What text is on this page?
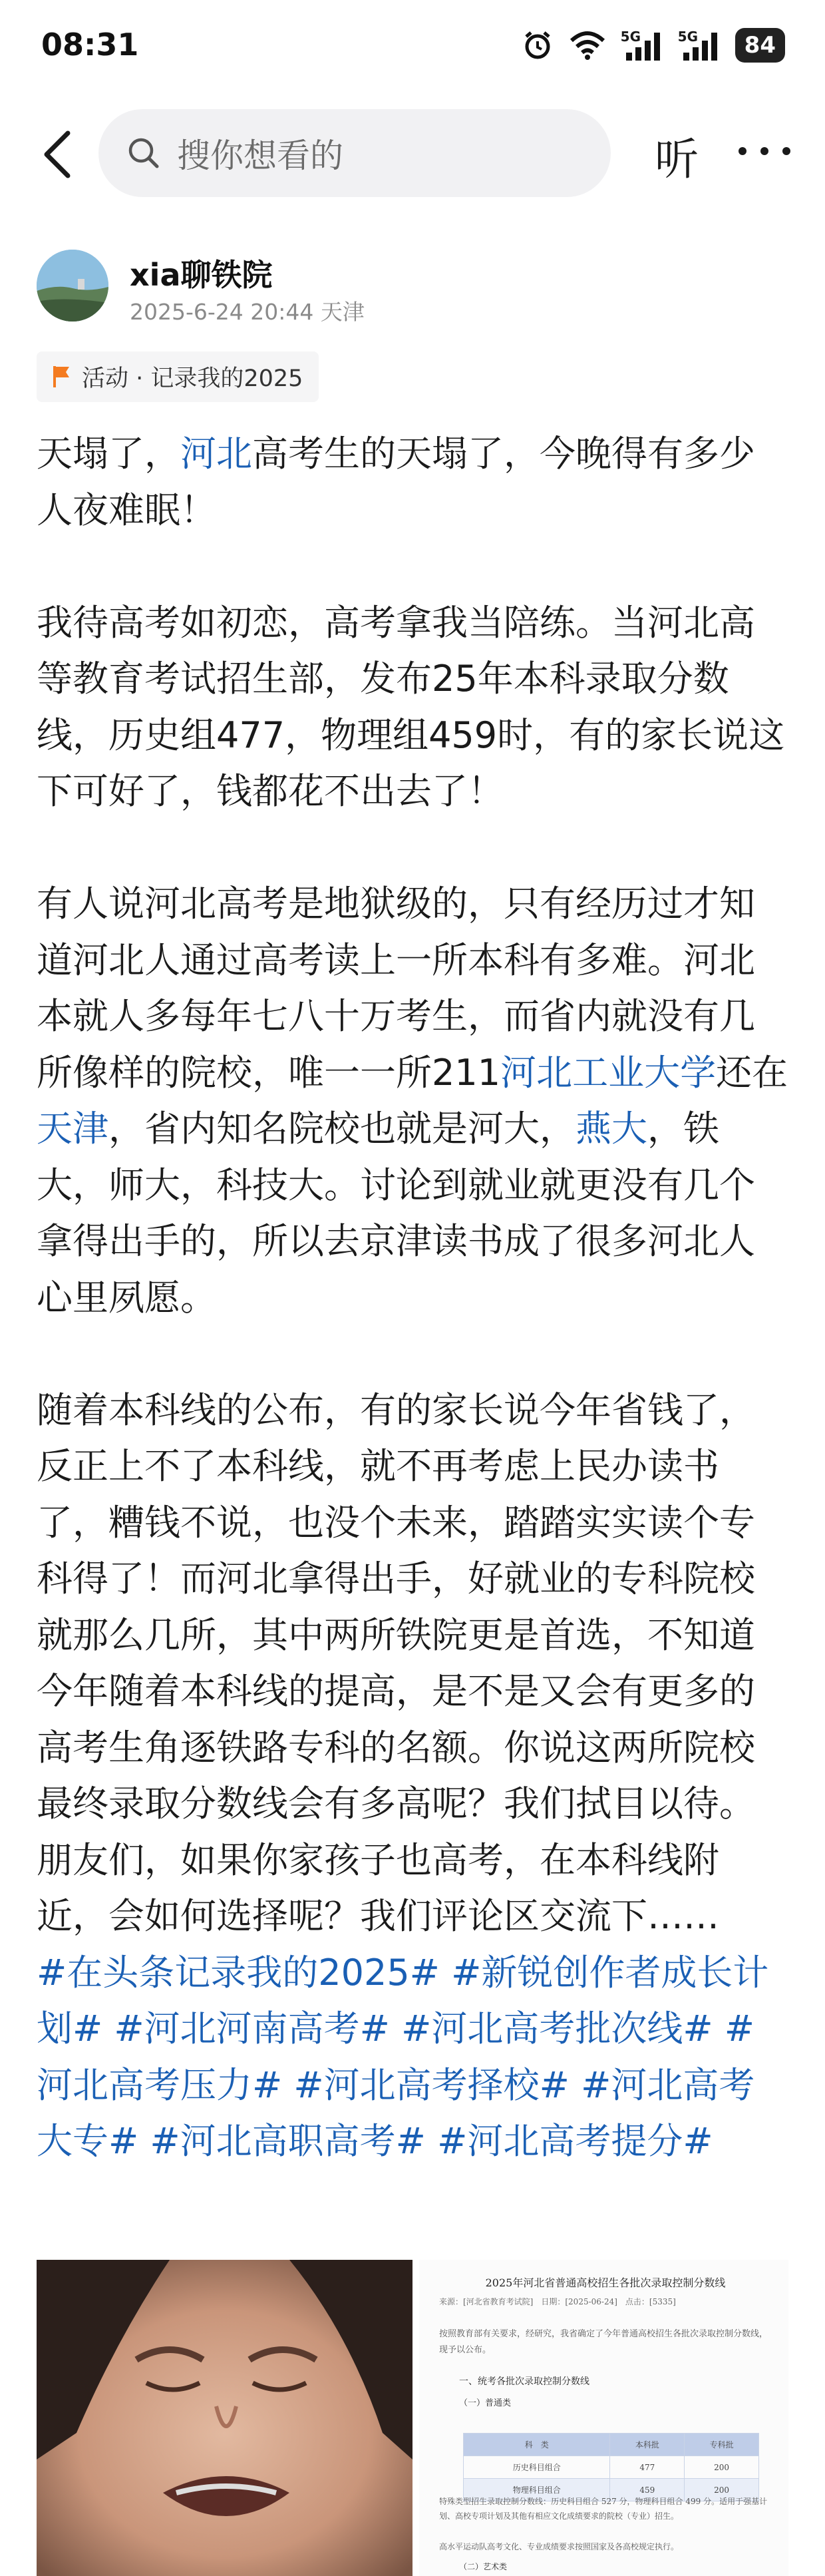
08:31	5G	5G	84
搜你想看的	听
xia聊铁院
2025-6-24 20:44 天津
活动 · 记录我的2025

天塌了，河北高考生的天塌了，今晚得有多少人夜难眠！

我待高考如初恋，高考拿我当陪练。当河北高等教育考试招生部，发布25年本科录取分数线，历史组477，物理组459时，有的家长说这下可好了，钱都花不出去了！

有人说河北高考是地狱级的，只有经历过才知道河北人通过高考读上一所本科有多难。河北本就人多每年七八十万考生，而省内就没有几所像样的院校，唯一一所211河北工业大学还在天津，省内知名院校也就是河大，燕大，铁大，师大，科技大。讨论到就业就更没有几个拿得出手的，所以去京津读书成了很多河北人心里夙愿。

随着本科线的公布，有的家长说今年省钱了，反正上不了本科线，就不再考虑上民办读书了，糟钱不说，也没个未来，踏踏实实读个专科得了！而河北拿得出手，好就业的专科院校就那么几所，其中两所铁院更是首选，不知道今年随着本科线的提高，是不是又会有更多的高考生角逐铁路专科的名额。你说这两所院校最终录取分数线会有多高呢？我们拭目以待。朋友们，如果你家孩子也高考，在本科线附近，会如何选择呢？我们评论区交流下……

#在头条记录我的2025# #新锐创作者成长计划# #河北河南高考# #河北高考批次线# #河北高考压力# #河北高考择校# #河北高考大专# #河北高职高考# #河北高考提分#

2025年河北省普通高校招生各批次录取控制分数线
来源：[河北省教育考试院]　日期：[2025-06-24]　点击：[5335]
按照教育部有关要求，经研究，我省确定了今年普通高校招生各批次录取控制分数线，现予以公布。
一、统考各批次录取控制分数线
（一）普通类
科　类	本科批	专科批
历史科目组合	477	200
物理科目组合	459	200
特殊类型招生录取控制分数线：历史科目组合 527 分，物理科目组合 499 分。适用于强基计划、高校专项计划及其他有相应文化成绩要求的院校（专业）招生。
高水平运动队高考文化、专业成绩要求按照国家及各高校规定执行。
（二）艺术类
